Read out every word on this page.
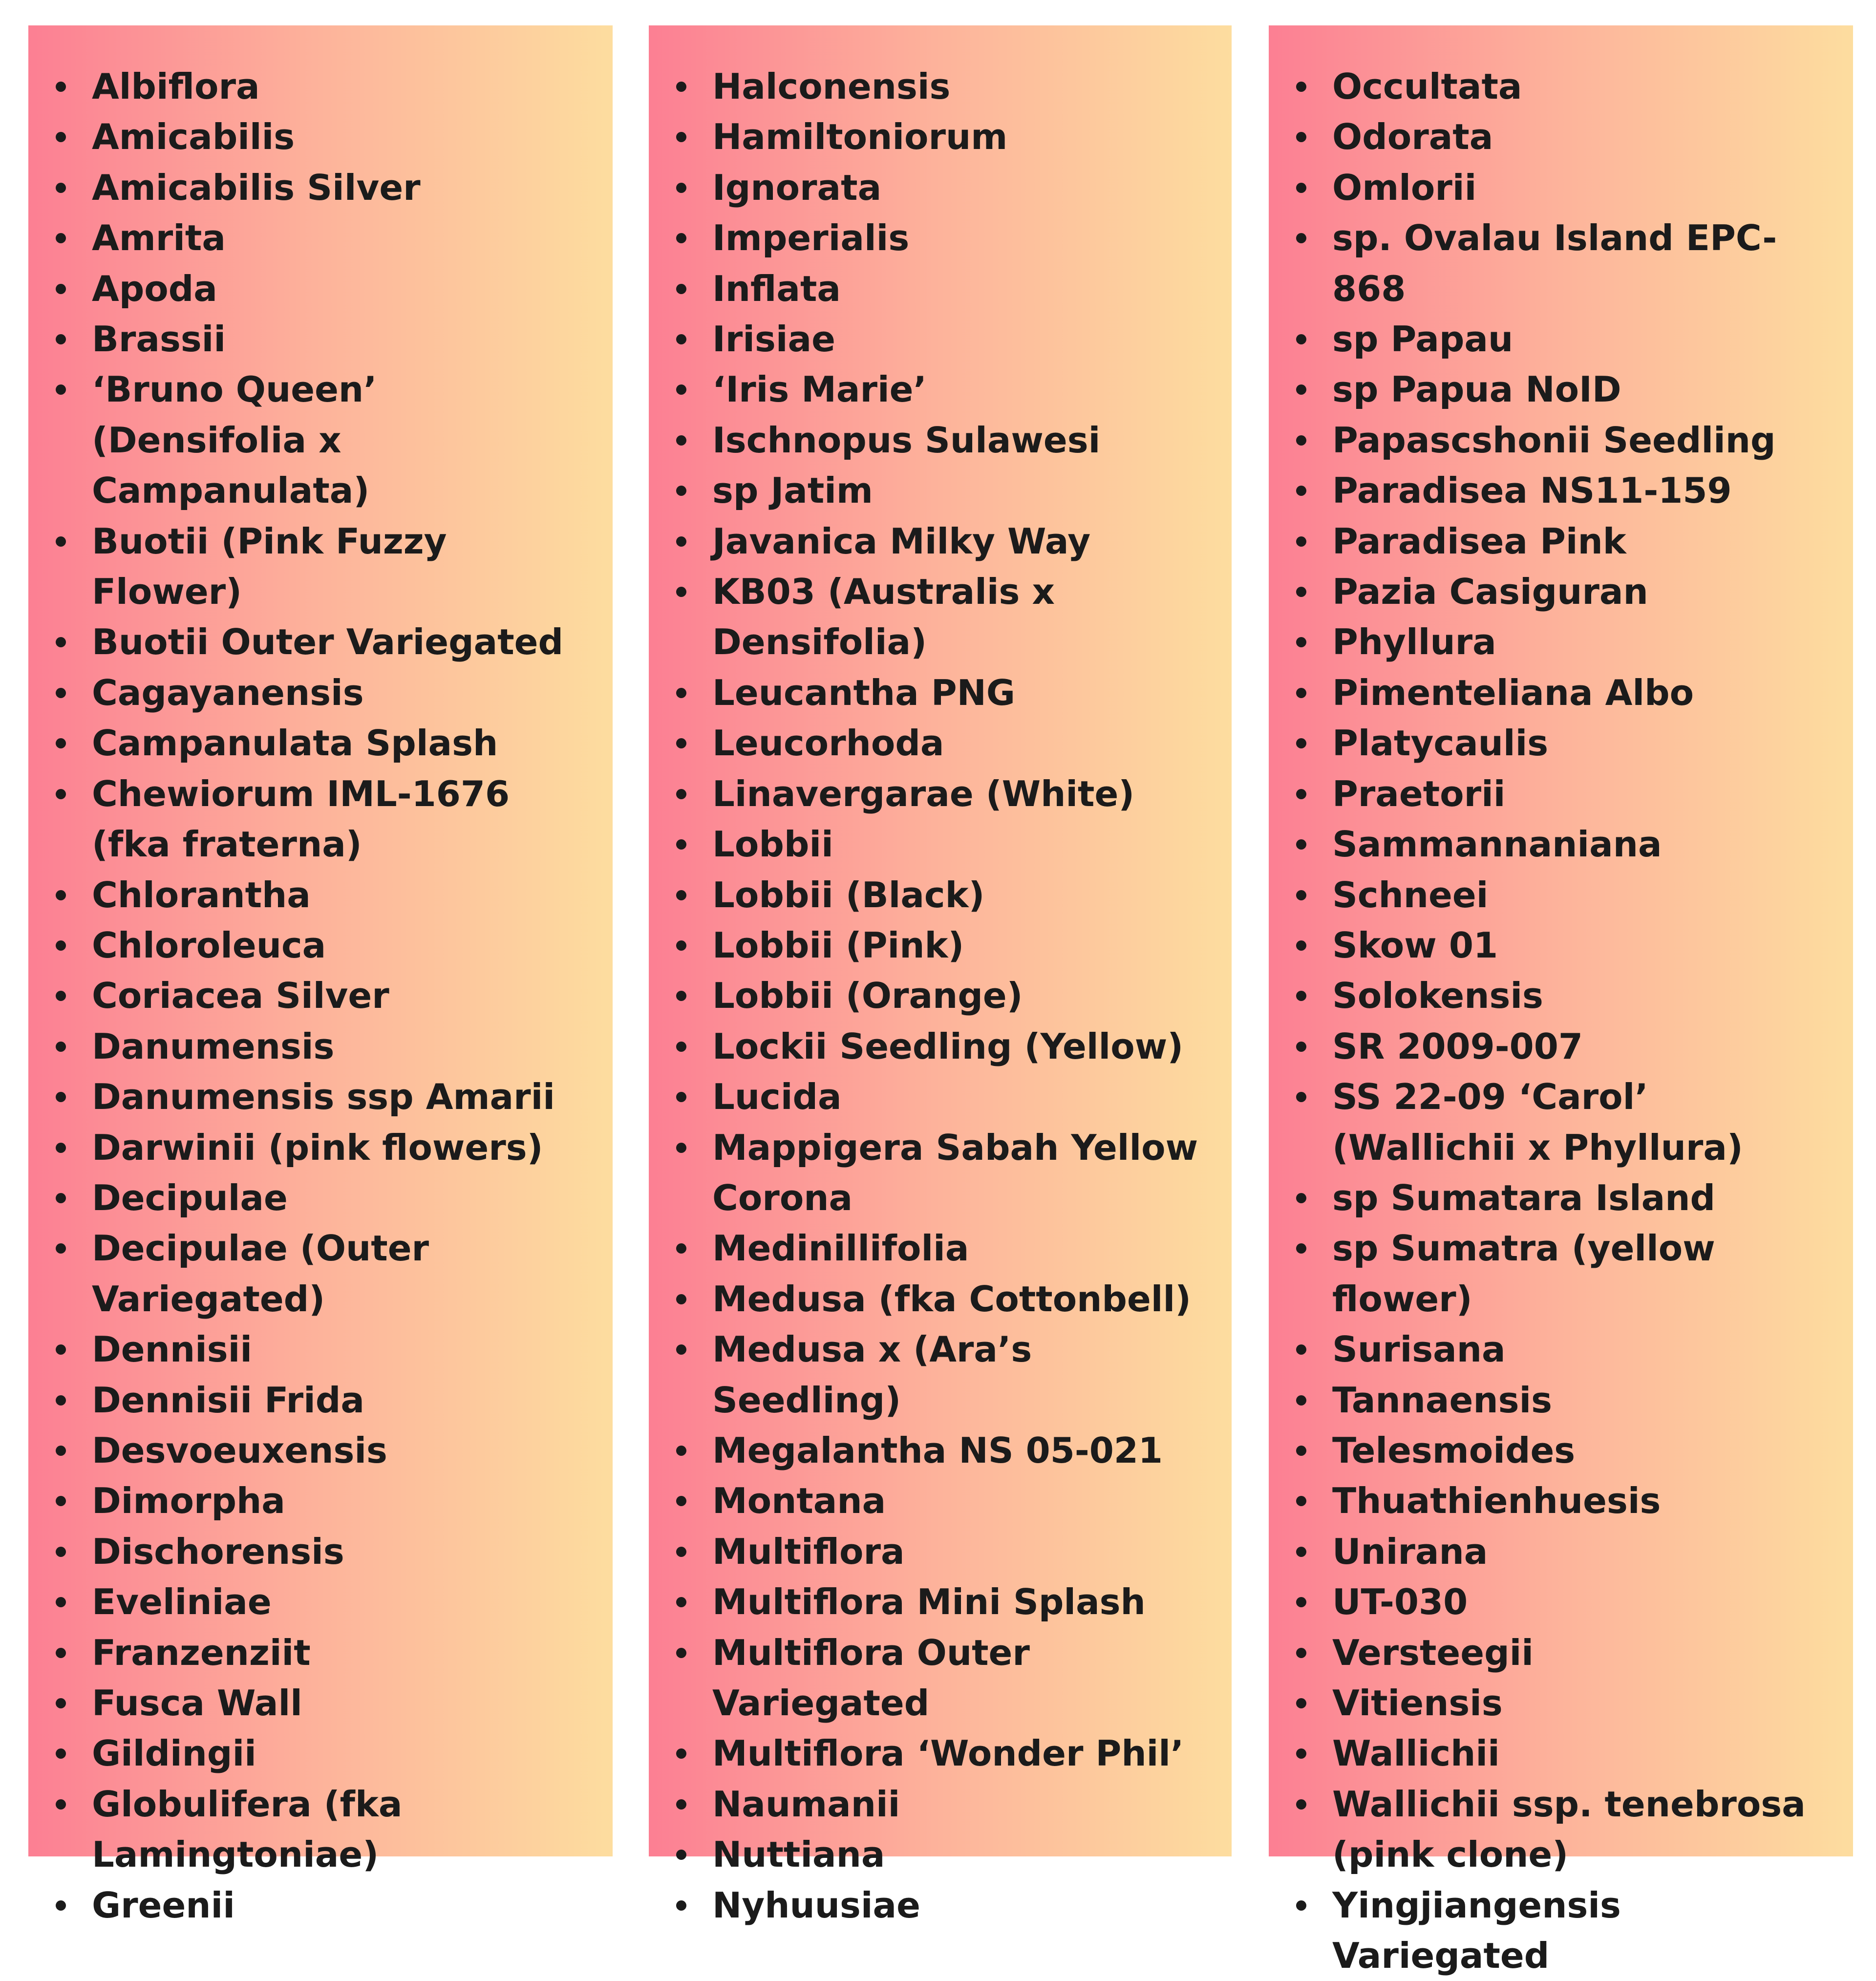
Albiflora
Amicabilis
Amicabilis Silver
Amrita
Apoda
Brassii
‘Bruno Queen’ (Densifolia x Campanulata)
Buotii (Pink Fuzzy Flower)
Buotii Outer Variegated
Cagayanensis
Campanulata Splash
Chewiorum IML-1676 (fka fraterna)
Chlorantha
Chloroleuca
Coriacea Silver
Danumensis
Danumensis ssp Amarii
Darwinii (pink flowers)
Decipulae
Decipulae (Outer Variegated)
Dennisii
Dennisii Frida
Desvoeuxensis
Dimorpha
Dischorensis
Eveliniae
Franzenziit
Fusca Wall
Gildingii
Globulifera (fka Lamingtoniae)
Greenii
Halconensis
Hamiltoniorum
Ignorata
Imperialis
Inflata
Irisiae
‘Iris Marie’
Ischnopus Sulawesi
sp Jatim
Javanica Milky Way
KB03 (Australis x Densifolia)
Leucantha PNG
Leucorhoda
Linavergarae (White)
Lobbii
Lobbii (Black)
Lobbii (Pink)
Lobbii (Orange)
Lockii Seedling (Yellow)
Lucida
Mappigera Sabah Yellow Corona
Medinillifolia
Medusa (fka Cottonbell)
Medusa x (Ara’s Seedling)
Megalantha NS 05-021
Montana
Multiflora
Multiflora Mini Splash
Multiflora Outer Variegated
Multiflora ‘Wonder Phil’
Naumanii
Nuttiana
Nyhuusiae
Occultata
Odorata
Omlorii
sp. Ovalau Island EPC-868
sp Papau
sp Papua NoID
Papascshonii Seedling
Paradisea NS11-159
Paradisea Pink
Pazia Casiguran
Phyllura
Pimenteliana Albo
Platycaulis
Praetorii
Sammannaniana
Schneei
Skow 01
Solokensis
SR 2009-007
SS 22-09 ‘Carol’ (Wallichii x Phyllura)
sp Sumatara Island
sp Sumatra (yellow flower)
Surisana
Tannaensis
Telesmoides
Thuathienhuesis
Unirana
UT-030
Versteegii
Vitiensis
Wallichii
Wallichii ssp. tenebrosa (pink clone)
Yingjiangensis Variegated
